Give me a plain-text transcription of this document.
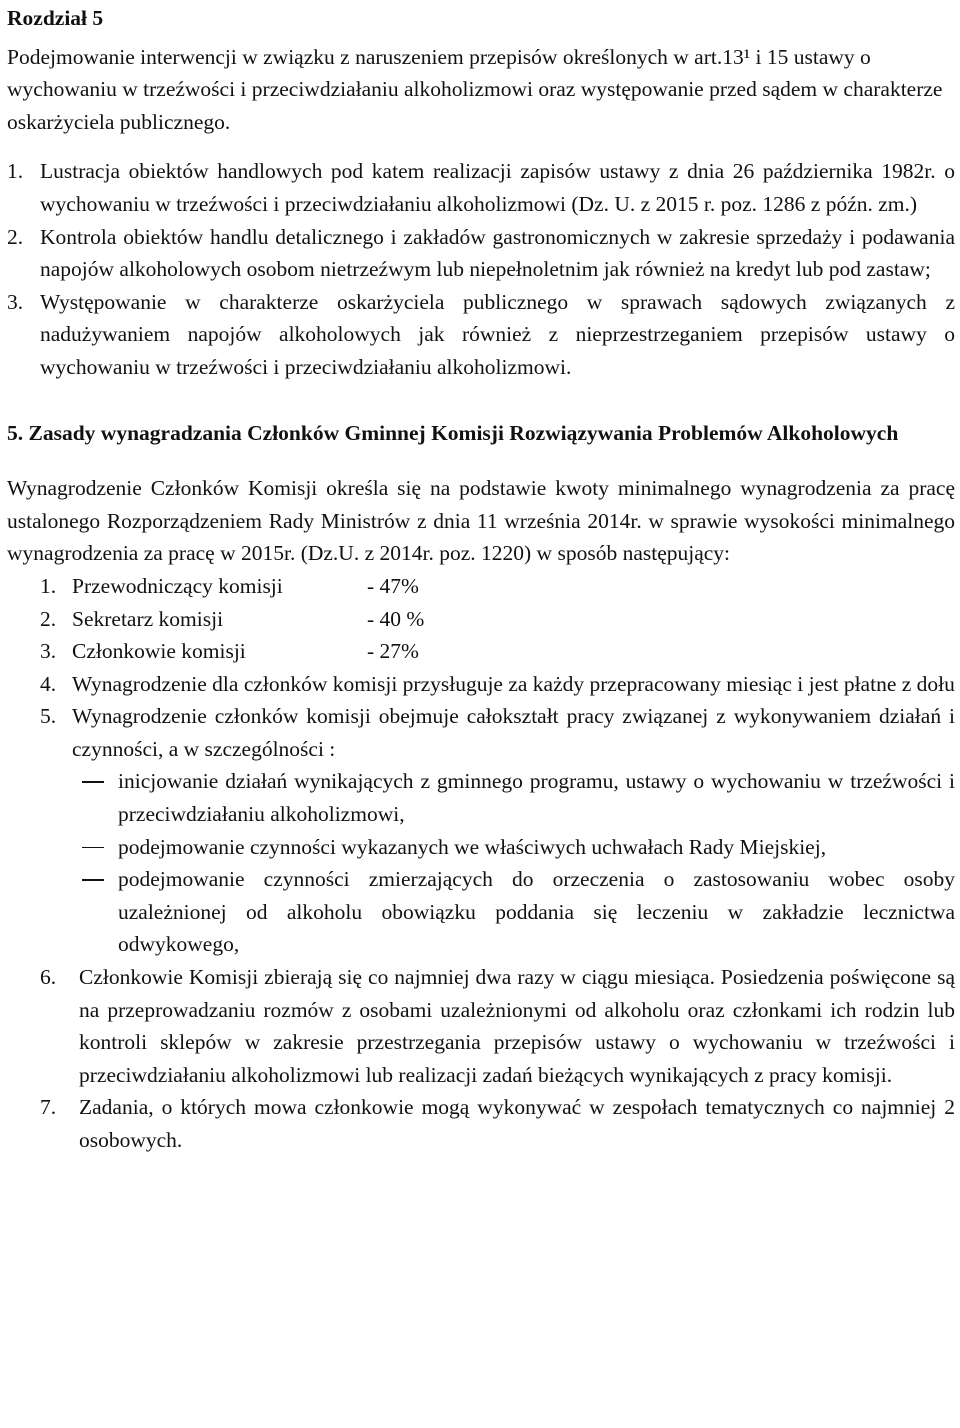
Rozdział 5

Podejmowanie interwencji w związku z naruszeniem przepisów określonych w art.13¹ i 15 ustawy o wychowaniu w trzeźwości i przeciwdziałaniu alkoholizmowi oraz występowanie przed sądem w charakterze oskarżyciela publicznego.

1. Lustracja obiektów handlowych pod katem realizacji zapisów ustawy z dnia 26 października 1982r. o wychowaniu w trzeźwości i przeciwdziałaniu alkoholizmowi (Dz. U. z 2015 r. poz. 1286 z późn. zm.)
2. Kontrola obiektów handlu detalicznego i zakładów gastronomicznych w zakresie sprzedaży i podawania napojów alkoholowych osobom nietrzeźwym lub niepełnoletnim jak również na kredyt lub pod zastaw;
3. Występowanie w charakterze oskarżyciela publicznego w sprawach sądowych związanych z nadużywaniem napojów alkoholowych jak również z nieprzestrzeganiem przepisów ustawy o wychowaniu w trzeźwości i przeciwdziałaniu alkoholizmowi.

5. Zasady wynagradzania Członków Gminnej Komisji Rozwiązywania Problemów Alkoholowych

Wynagrodzenie Członków Komisji określa się na podstawie kwoty minimalnego wynagrodzenia za pracę ustalonego Rozporządzeniem Rady Ministrów z dnia 11 września 2014r. w sprawie wysokości minimalnego wynagrodzenia za pracę w 2015r. (Dz.U. z 2014r. poz. 1220) w sposób następujący:

1. Przewodniczący komisji	- 47%
2. Sekretarz komisji	- 40 %
3. Członkowie komisji	- 27%
4. Wynagrodzenie dla członków komisji przysługuje za każdy przepracowany miesiąc i jest płatne z dołu
5. Wynagrodzenie członków komisji obejmuje całokształt pracy związanej z wykonywaniem działań i czynności, a w szczególności :
inicjowanie działań wynikających z gminnego programu, ustawy o wychowaniu w trzeźwości i przeciwdziałaniu alkoholizmowi,
podejmowanie czynności wykazanych we właściwych uchwałach Rady Miejskiej,
podejmowanie czynności zmierzających do orzeczenia o zastosowaniu wobec osoby uzależnionej od alkoholu obowiązku poddania się leczeniu w zakładzie lecznictwa odwykowego,
6.	Członkowie Komisji zbierają się co najmniej dwa razy w ciągu miesiąca. Posiedzenia poświęcone są na przeprowadzaniu rozmów z osobami uzależnionymi od alkoholu oraz członkami ich rodzin lub kontroli sklepów w zakresie przestrzegania przepisów ustawy o wychowaniu w trzeźwości i przeciwdziałaniu alkoholizmowi lub realizacji zadań bieżących wynikających z pracy komisji.
7.	Zadania, o których mowa członkowie mogą wykonywać w zespołach tematycznych co najmniej 2 osobowych.
